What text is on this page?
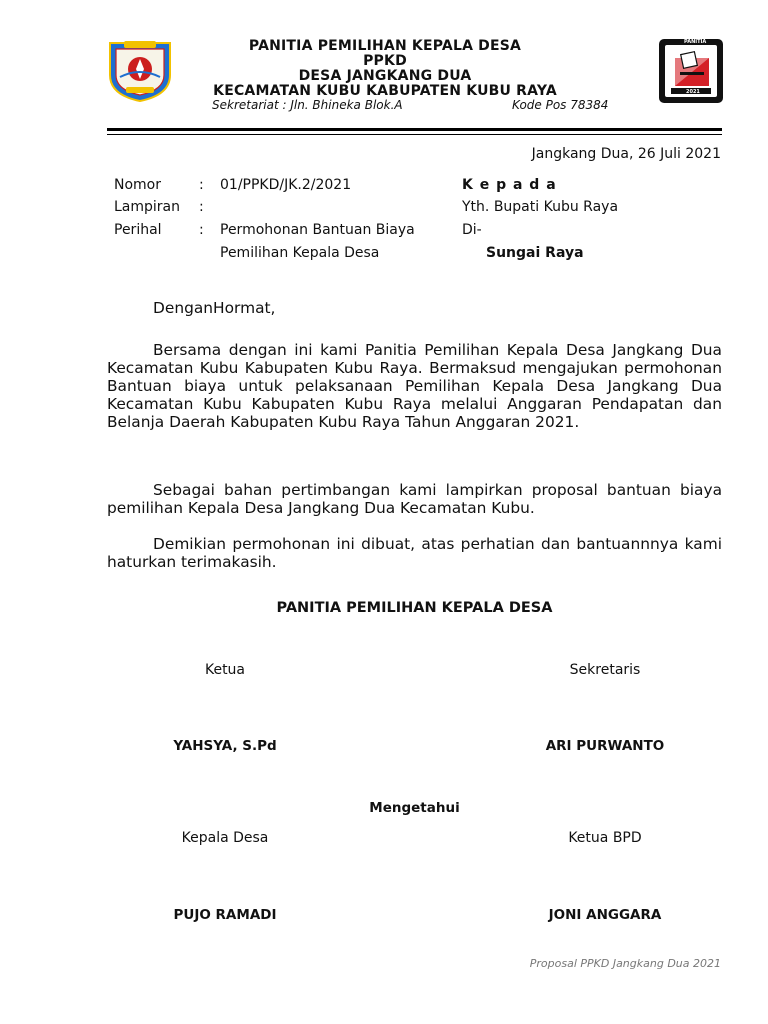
PANITIA PEMILIHAN KEPALA DESA
PPKD
DESA JANGKANG DUA
KECAMATAN KUBU KABUPATEN KUBU RAYA
Sekretariat : Jln. Bhineka Blok.A	Kode Pos 78384
PANITIA
2021
Jangkang Dua, 26 Juli 2021
Nomor	: 01/PPKD/JK.2/2021
Lampiran :
Perihal	: Permohonan Bantuan Biaya
Pemilihan Kepala Desa
K e p a d a
Yth. Bupati Kubu Raya
Di-
Sungai Raya
DenganHormat,
Bersama dengan ini kami Panitia Pemilihan Kepala Desa Jangkang Dua Kecamatan Kubu Kabupaten Kubu Raya. Bermaksud mengajukan permohonan Bantuan biaya untuk pelaksanaan Pemilihan Kepala Desa Jangkang Dua Kecamatan Kubu Kabupaten Kubu Raya melalui Anggaran Pendapatan dan Belanja Daerah Kabupaten Kubu Raya Tahun Anggaran 2021.
Sebagai bahan pertimbangan kami lampirkan proposal bantuan biaya pemilihan Kepala Desa Jangkang Dua Kecamatan Kubu.
Demikian permohonan ini dibuat, atas perhatian dan bantuannnya kami haturkan terimakasih.
PANITIA PEMILIHAN KEPALA DESA
Ketua	Sekretaris
YAHSYA, S.Pd	ARI PURWANTO
Mengetahui
Kepala Desa	Ketua BPD
PUJO RAMADI	JONI ANGGARA
Proposal PPKD Jangkang Dua 2021
